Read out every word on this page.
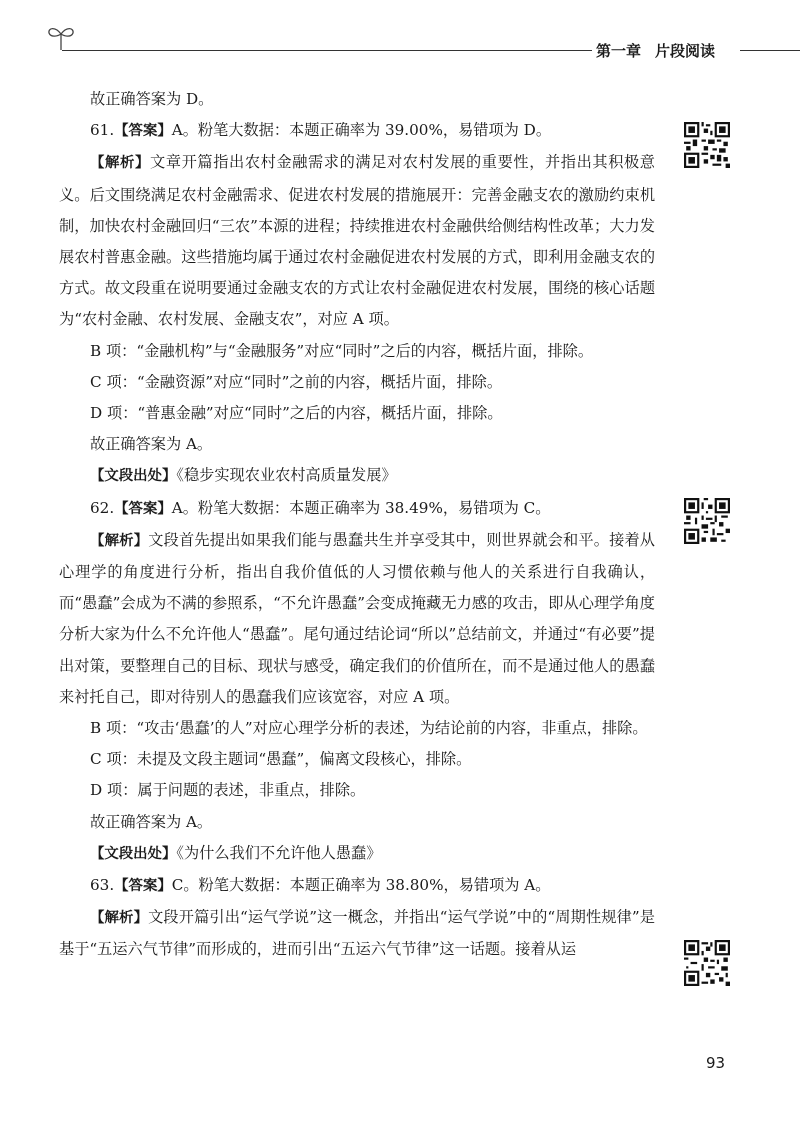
第一章 片段阅读

故正确答案为 D。

61.【答案】A。粉笔大数据：本题正确率为 39.00%，易错项为 D。

【解析】文章开篇指出农村金融需求的满足对农村发展的重要性，并指出其积极意义。后文围绕满足农村金融需求、促进农村发展的措施展开：完善金融支农的激励约束机制，加快农村金融回归“三农”本源的进程；持续推进农村金融供给侧结构性改革；大力发展农村普惠金融。这些措施均属于通过农村金融促进农村发展的方式，即利用金融支农的方式。故文段重在说明要通过金融支农的方式让农村金融促进农村发展，围绕的核心话题为“农村金融、农村发展、金融支农”，对应 A 项。

B 项：“金融机构”与“金融服务”对应“同时”之后的内容，概括片面，排除。

C 项：“金融资源”对应“同时”之前的内容，概括片面，排除。

D 项：“普惠金融”对应“同时”之后的内容，概括片面，排除。

故正确答案为 A。

【文段出处】《稳步实现农业农村高质量发展》

62.【答案】A。粉笔大数据：本题正确率为 38.49%，易错项为 C。

【解析】文段首先提出如果我们能与愚蠢共生并享受其中，则世界就会和平。接着从心理学的角度进行分析，指出自我价值低的人习惯依赖与他人的关系进行自我确认，而“愚蠢”会成为不满的参照系，“不允许愚蠢”会变成掩藏无力感的攻击，即从心理学角度分析大家为什么不允许他人“愚蠢”。尾句通过结论词“所以”总结前文，并通过“有必要”提出对策，要整理自己的目标、现状与感受，确定我们的价值所在，而不是通过他人的愚蠢来衬托自己，即对待别人的愚蠢我们应该宽容，对应 A 项。

B 项：“攻击‘愚蠢’的人”对应心理学分析的表述，为结论前的内容，非重点，排除。

C 项：未提及文段主题词“愚蠢”，偏离文段核心，排除。

D 项：属于问题的表述，非重点，排除。

故正确答案为 A。

【文段出处】《为什么我们不允许他人愚蠢》

63.【答案】C。粉笔大数据：本题正确率为 38.80%，易错项为 A。

【解析】文段开篇引出“运气学说”这一概念，并指出“运气学说”中的“周期性规律”是基于“五运六气节律”而形成的，进而引出“五运六气节律”这一话题。接着从运

93
